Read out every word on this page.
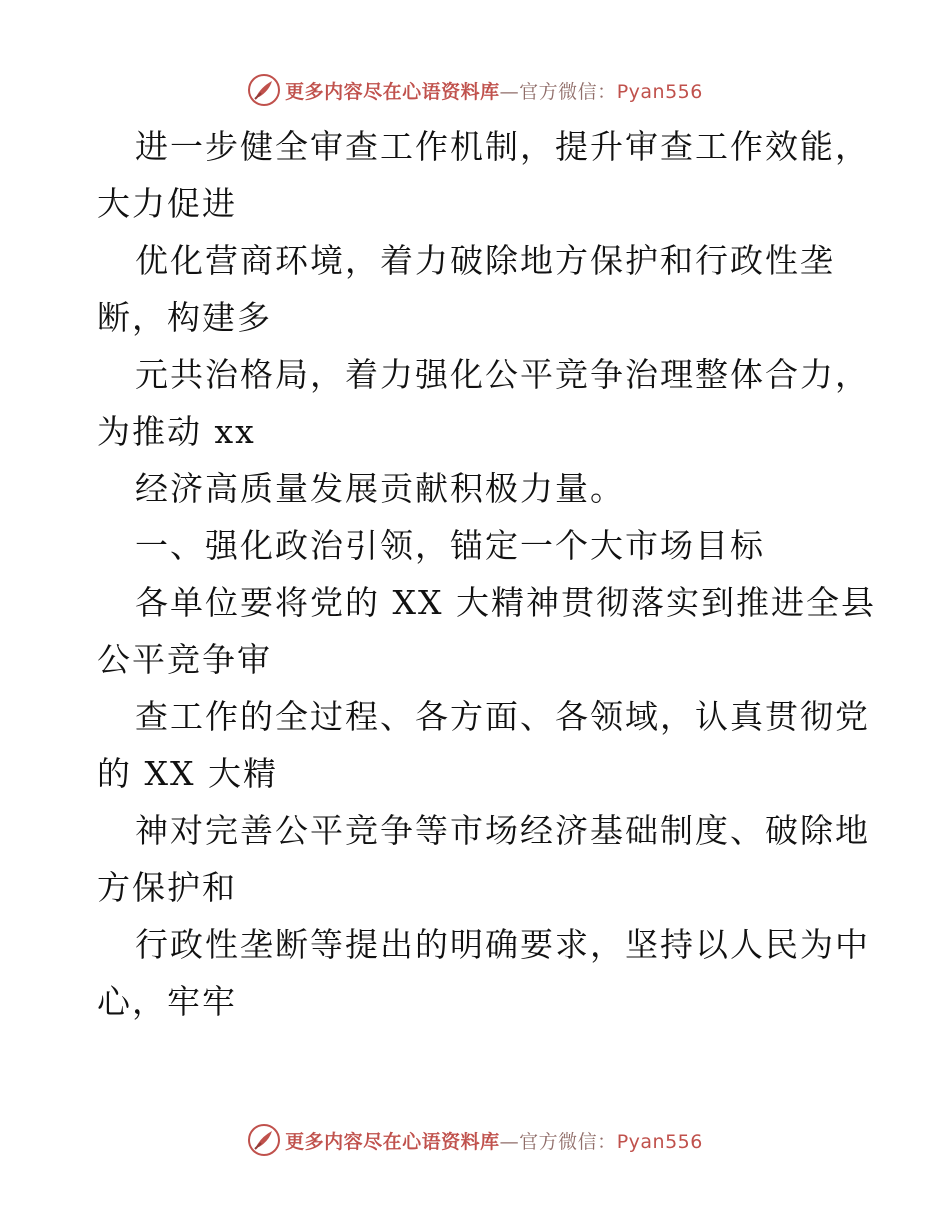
更多内容尽在心语资料库—官方微信：Pyan556
进一步健全审查工作机制，提升审查工作效能，
大力促进
优化营商环境，着力破除地方保护和行政性垄
断，构建多
元共治格局，着力强化公平竞争治理整体合力，
为推动 xx
经济高质量发展贡献积极力量。
一、强化政治引领，锚定一个大市场目标
各单位要将党的 XX 大精神贯彻落实到推进全县
公平竞争审
查工作的全过程、各方面、各领域，认真贯彻党
的 XX 大精
神对完善公平竞争等市场经济基础制度、破除地
方保护和
行政性垄断等提出的明确要求，坚持以人民为中
心，牢牢
更多内容尽在心语资料库—官方微信：Pyan556
